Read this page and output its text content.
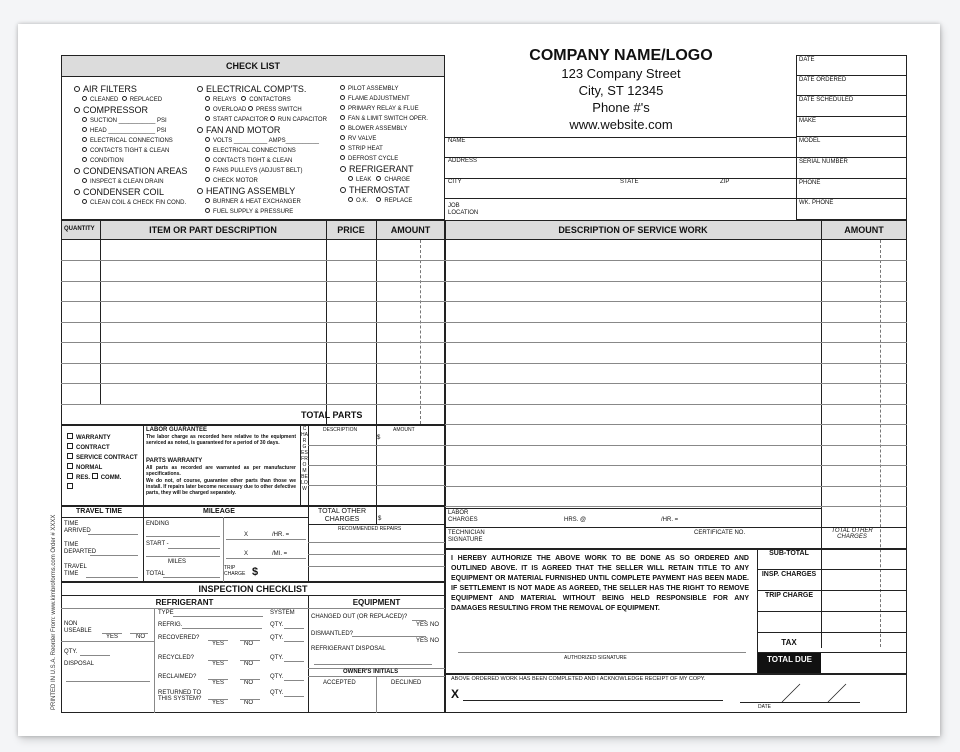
CHECK LIST
AIR FILTERS
CLEANED REPLACED
COMPRESSOR
SUCTION ___________ PSI
HEAD ______________ PSI
ELECTRICAL CONNECTIONS
CONTACTS TIGHT & CLEAN
CONDITION
CONDENSATION AREAS
INSPECT & CLEAN DRAIN
CONDENSER COIL
CLEAN COIL & CHECK FIN COND.
ELECTRICAL COMP'TS.
RELAYS CONTACTORS
OVERLOAD PRESS SWITCH
START CAPACITOR RUN CAPACITOR
FAN AND MOTOR
VOLTS __________ AMPS__________
ELECTRICAL CONNECTIONS
CONTACTS TIGHT & CLEAN
FANS PULLEYS (ADJUST BELT)
CHECK MOTOR
HEATING ASSEMBLY
BURNER & HEAT EXCHANGER
FUEL SUPPLY & PRESSURE
PILOT ASSEMBLY
FLAME ADJUSTMENT
PRIMARY RELAY & FLUE
FAN & LIMIT SWITCH OPER.
BLOWER ASSEMBLY
RV VALVE
STRIP HEAT
DEFROST CYCLE
REFRIGERANT
LEAK CHARGE
THERMOSTAT
O.K.	REPLACE
QUANTITY	ITEM OR PART DESCRIPTION	PRICE	AMOUNT
TOTAL PARTS
WARRANTY
CONTRACT
SERVICE CONTRACT
NORMAL
RES. COMM.
LABOR GUARANTEE
The labor charge as recorded here relative to the equipment serviced as noted, is guaranteed for a period of 30 days.
PARTS WARRANTY
All parts as recorded are warranted as per manufacturer specifications.
We do not, of course, guarantee other parts than those we install. If repairs later become necessary due to other defective parts, they will be charged separately.
CHARGES FROM BELOW
DESCRIPTION	AMOUNT
$
TRAVEL TIME	MILEAGE
TIME ARRIVED
TIME DEPARTED
TRAVEL TIME
ENDING
START -
MILES
TOTAL
X	/HR. =
X	/MI. =
TRIP CHARGE $
TOTAL OTHER CHARGES	$
RECOMMENDED REPAIRS
INSPECTION CHECKLIST
REFRIGERANT	EQUIPMENT
NON USEABLE
YES	NO
QTY.
DISPOSAL
TYPE	SYSTEM
REFRIG.	QTY.
CHANGED OUT (OR REPLACED)?
YES NO
DISMANTLED?
YES NO
REFRIGERANT DISPOSAL
OWNER'S INITIALS
ACCEPTED	DECLINED
PRINTED IN U.S.A. Reorder From: www.kimbroforms.com Order # XXXX
COMPANY NAME/LOGO
123 Company Street
City, ST 12345
Phone #'s
www.website.com
NAME
ADDRESS
CITY	STATE	ZIP
JOB
LOCATION
DESCRIPTION OF SERVICE WORK	AMOUNT
LABOR CHARGES	HRS. @	/HR. =
TECHNICIAN SIGNATURE
CERTIFICATE NO.	TOTAL OTHER CHARGES
I HEREBY AUTHORIZE THE ABOVE WORK TO BE DONE AS SO ORDERED AND OUTLINED ABOVE. IT IS AGREED THAT THE SELLER WILL RETAIN TITLE TO ANY EQUIPMENT OR MATERIAL FURNISHED UNTIL COMPLETE PAYMENT HAS BEEN MADE. IF SETTLEMENT IS NOT MADE AS AGREED, THE SELLER HAS THE RIGHT TO REMOVE EQUIPMENT AND MATERIAL WITHOUT BEING HELD RESPONSIBLE FOR ANY DAMAGES RESULTING FROM THE REMOVAL OF EQUIPMENT.
AUTHORIZED SIGNATURE
SUB-TOTAL
INSP. CHARGES
TRIP CHARGE
TAX
TOTAL DUE
ABOVE ORDERED WORK HAS BEEN COMPLETED AND I ACKNOWLEDGE RECEIPT OF MY COPY.
X
DATE
DATE
DATE ORDERED
DATE SCHEDULED
MAKE
MODEL
SERIAL NUMBER
PHONE
WK. PHONE
RECOVERED?
YES	NO
QTY.
RECYCLED?
YES	NO
QTY.
RECLAIMED?
YES	NO
QTY.
RETURNED TO THIS SYSTEM?
YES	NO
QTY.
